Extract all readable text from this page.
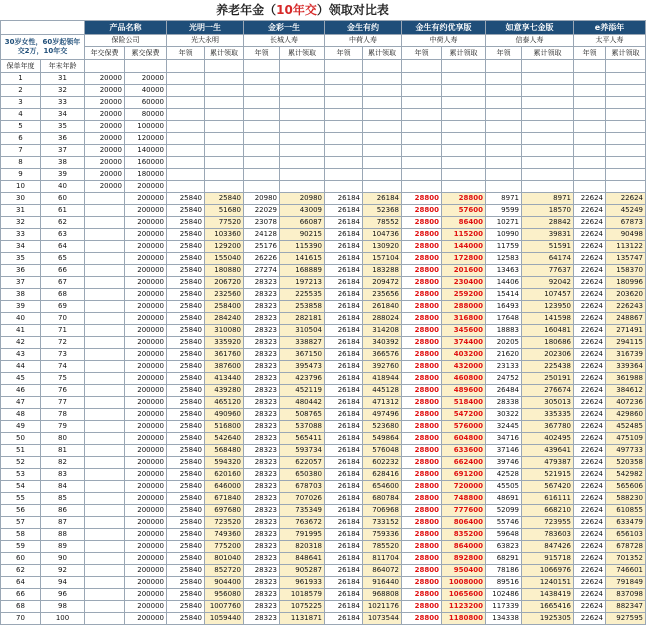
养老年金（10年交）领取对比表
		产品名称		光明一生		金彩一生		金生有约		金生有约优享版		如意享七金版		e养添年	
30岁女性，60岁起领年交2万，10年交		保险公司		光大永明		长城人寿		中荷人寿		中荷人寿		信泰人寿		太平人寿	
		年交保费	累交保费	年领	累计领取	年领	累计领取	年领	累计领取	年领	累计领取	年领	累计领取	年领	累计领取
保单年度	年末年龄														
1	31	20000	20000												
2	32	20000	40000												
3	33	20000	60000												
4	34	20000	80000												
5	35	20000	100000												
6	36	20000	120000												
7	37	20000	140000												
8	38	20000	160000												
9	39	20000	180000												
10	40	20000	200000												
30	60		200000	25840	25840	20980	20980	26184	26184	28800	28800	8971	8971	22624	22624
31	61		200000	25840	51680	22029	43009	26184	52368	28800	57600	9599	18570	22624	45249
32	62		200000	25840	77520	23078	66087	26184	78552	28800	86400	10271	28842	22624	67873
33	63		200000	25840	103360	24128	90215	26184	104736	28800	115200	10990	39831	22624	90498
34	64		200000	25840	129200	25176	115390	26184	130920	28800	144000	11759	51591	22624	113122
35	65		200000	25840	155040	26226	141615	26184	157104	28800	172800	12583	64174	22624	135747
36	66		200000	25840	180880	27274	168889	26184	183288	28800	201600	13463	77637	22624	158370
37	67		200000	25840	206720	28323	197213	26184	209472	28800	230400	14406	92042	22624	180996
38	68		200000	25840	232560	28323	225535	26184	235656	28800	259200	15414	107457	22624	203620
39	69		200000	25840	258400	28323	253858	26184	261840	28800	288000	16493	123950	22624	226243
40	70		200000	25840	284240	28323	282181	26184	288024	28800	316800	17648	141598	22624	248867
41	71		200000	25840	310080	28323	310504	26184	314208	28800	345600	18883	160481	22624	271491
42	72		200000	25840	335920	28323	338827	26184	340392	28800	374400	20205	180686	22624	294115
43	73		200000	25840	361760	28323	367150	26184	366576	28800	403200	21620	202306	22624	316739
44	74		200000	25840	387600	28323	395473	26184	392760	28800	432000	23133	225438	22624	339364
45	75		200000	25840	413440	28323	423796	26184	418944	28800	460800	24752	250191	22624	361988
46	76		200000	25840	439280	28323	452119	26184	445128	28800	489600	26484	276674	22624	384612
47	77		200000	25840	465120	28323	480442	26184	471312	28800	518400	28338	305013	22624	407236
48	78		200000	25840	490960	28323	508765	26184	497496	28800	547200	30322	335335	22624	429860
49	79		200000	25840	516800	28323	537088	26184	523680	28800	576000	32445	367780	22624	452485
50	80		200000	25840	542640	28323	565411	26184	549864	28800	604800	34716	402495	22624	475109
51	81		200000	25840	568480	28323	593734	26184	576048	28800	633600	37146	439641	22624	497733
52	82		200000	25840	594320	28323	622057	26184	602232	28800	662400	39746	479387	22624	520358
53	83		200000	25840	620160	28323	650380	26184	628416	28800	691200	42528	521915	22624	542982
54	84		200000	25840	646000	28323	678703	26184	654600	28800	720000	45505	567420	22624	565606
55	85		200000	25840	671840	28323	707026	26184	680784	28800	748800	48691	616111	22624	588230
56	86		200000	25840	697680	28323	735349	26184	706968	28800	777600	52099	668210	22624	610855
57	87		200000	25840	723520	28323	763672	26184	733152	28800	806400	55746	723955	22624	633479
58	88		200000	25840	749360	28323	791995	26184	759336	28800	835200	59648	783603	22624	656103
59	89		200000	25840	775200	28323	820318	26184	785520	28800	864000	63823	847426	22624	678728
60	90		200000	25840	801040	28323	848641	26184	811704	28800	892800	68291	915718	22624	701352
62	92		200000	25840	852720	28323	905287	26184	864072	28800	950400	78186	1066976	22624	746601
64	94		200000	25840	904400	28323	961933	26184	916440	28800	1008000	89516	1240151	22624	791849
66	96		200000	25840	956080	28323	1018579	26184	968808	28800	1065600	102486	1438419	22624	837098
68	98		200000	25840	1007760	28323	1075225	26184	1021176	28800	1123200	117339	1665416	22624	882347
70	100		200000	25840	1059440	28323	1131871	26184	1073544	28800	1180800	134338	1925305	22624	927595
